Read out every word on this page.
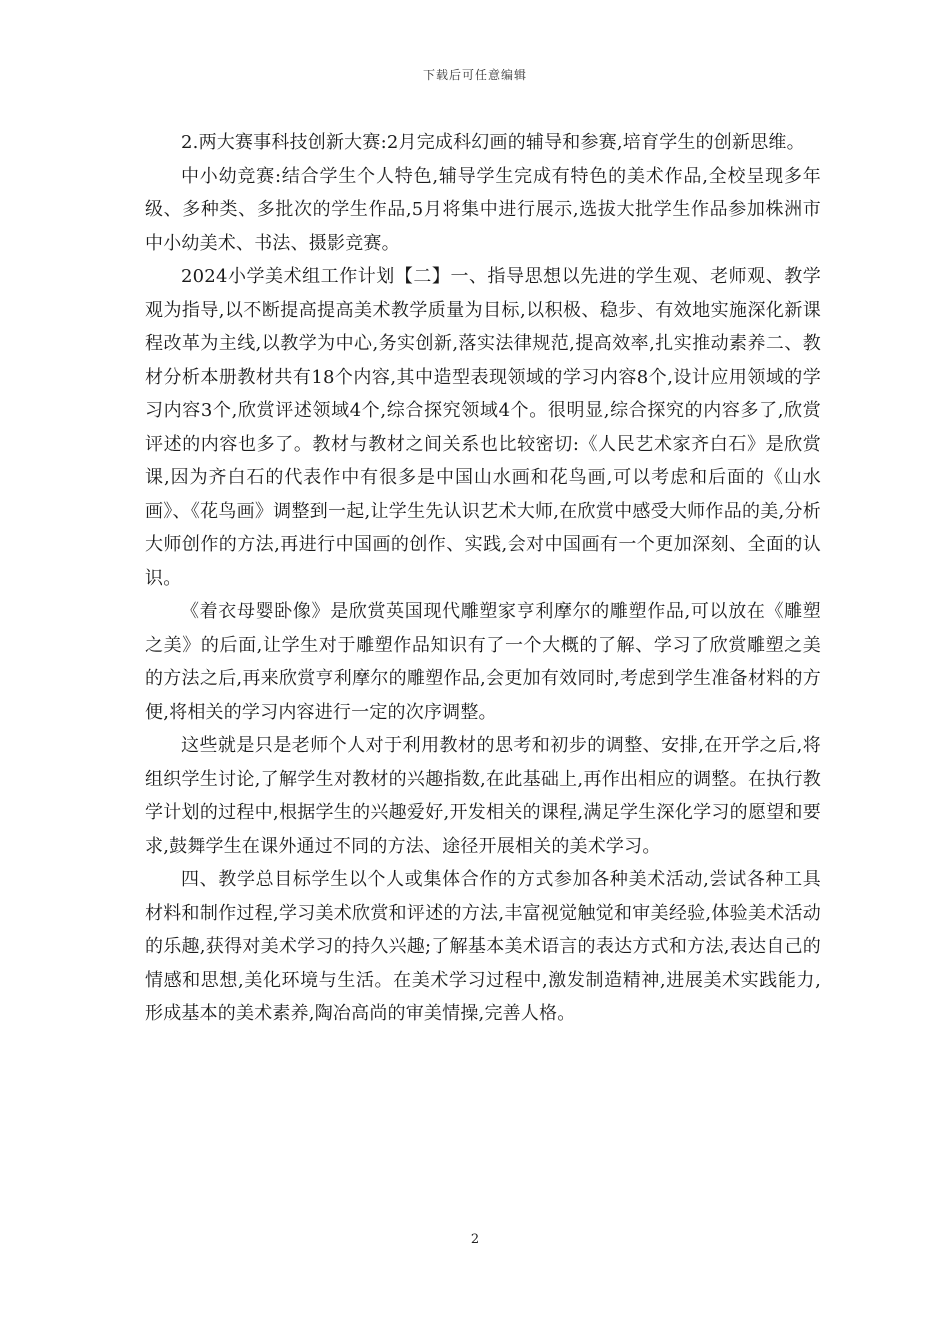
下载后可任意编辑

2.两大赛事科技创新大赛:2月完成科幻画的辅导和参赛,培育学生的创新思维。

中小幼竞赛:结合学生个人特色,辅导学生完成有特色的美术作品,全校呈现多年级、多种类、多批次的学生作品,5月将集中进行展示,选拔大批学生作品参加株洲市中小幼美术、书法、摄影竞赛。

2024小学美术组工作计划【二】一、指导思想以先进的学生观、老师观、教学观为指导,以不断提高提高美术教学质量为目标,以积极、稳步、有效地实施深化新课程改革为主线,以教学为中心,务实创新,落实法律规范,提高效率,扎实推动素养二、教材分析本册教材共有18个内容,其中造型表现领域的学习内容8个,设计应用领域的学习内容3个,欣赏评述领域4个,综合探究领域4个。很明显,综合探究的内容多了,欣赏评述的内容也多了。教材与教材之间关系也比较密切:《人民艺术家齐白石》是欣赏课,因为齐白石的代表作中有很多是中国山水画和花鸟画,可以考虑和后面的《山水画》、《花鸟画》调整到一起,让学生先认识艺术大师,在欣赏中感受大师作品的美,分析大师创作的方法,再进行中国画的创作、实践,会对中国画有一个更加深刻、全面的认识。

《着衣母婴卧像》是欣赏英国现代雕塑家亨利摩尔的雕塑作品,可以放在《雕塑之美》的后面,让学生对于雕塑作品知识有了一个大概的了解、学习了欣赏雕塑之美的方法之后,再来欣赏亨利摩尔的雕塑作品,会更加有效同时,考虑到学生准备材料的方便,将相关的学习内容进行一定的次序调整。

这些就是只是老师个人对于利用教材的思考和初步的调整、安排,在开学之后,将组织学生讨论,了解学生对教材的兴趣指数,在此基础上,再作出相应的调整。在执行教学计划的过程中,根据学生的兴趣爱好,开发相关的课程,满足学生深化学习的愿望和要求,鼓舞学生在课外通过不同的方法、途径开展相关的美术学习。

四、教学总目标学生以个人或集体合作的方式参加各种美术活动,尝试各种工具材料和制作过程,学习美术欣赏和评述的方法,丰富视觉触觉和审美经验,体验美术活动的乐趣,获得对美术学习的持久兴趣;了解基本美术语言的表达方式和方法,表达自己的情感和思想,美化环境与生活。在美术学习过程中,激发制造精神,进展美术实践能力,形成基本的美术素养,陶冶高尚的审美情操,完善人格。

2
